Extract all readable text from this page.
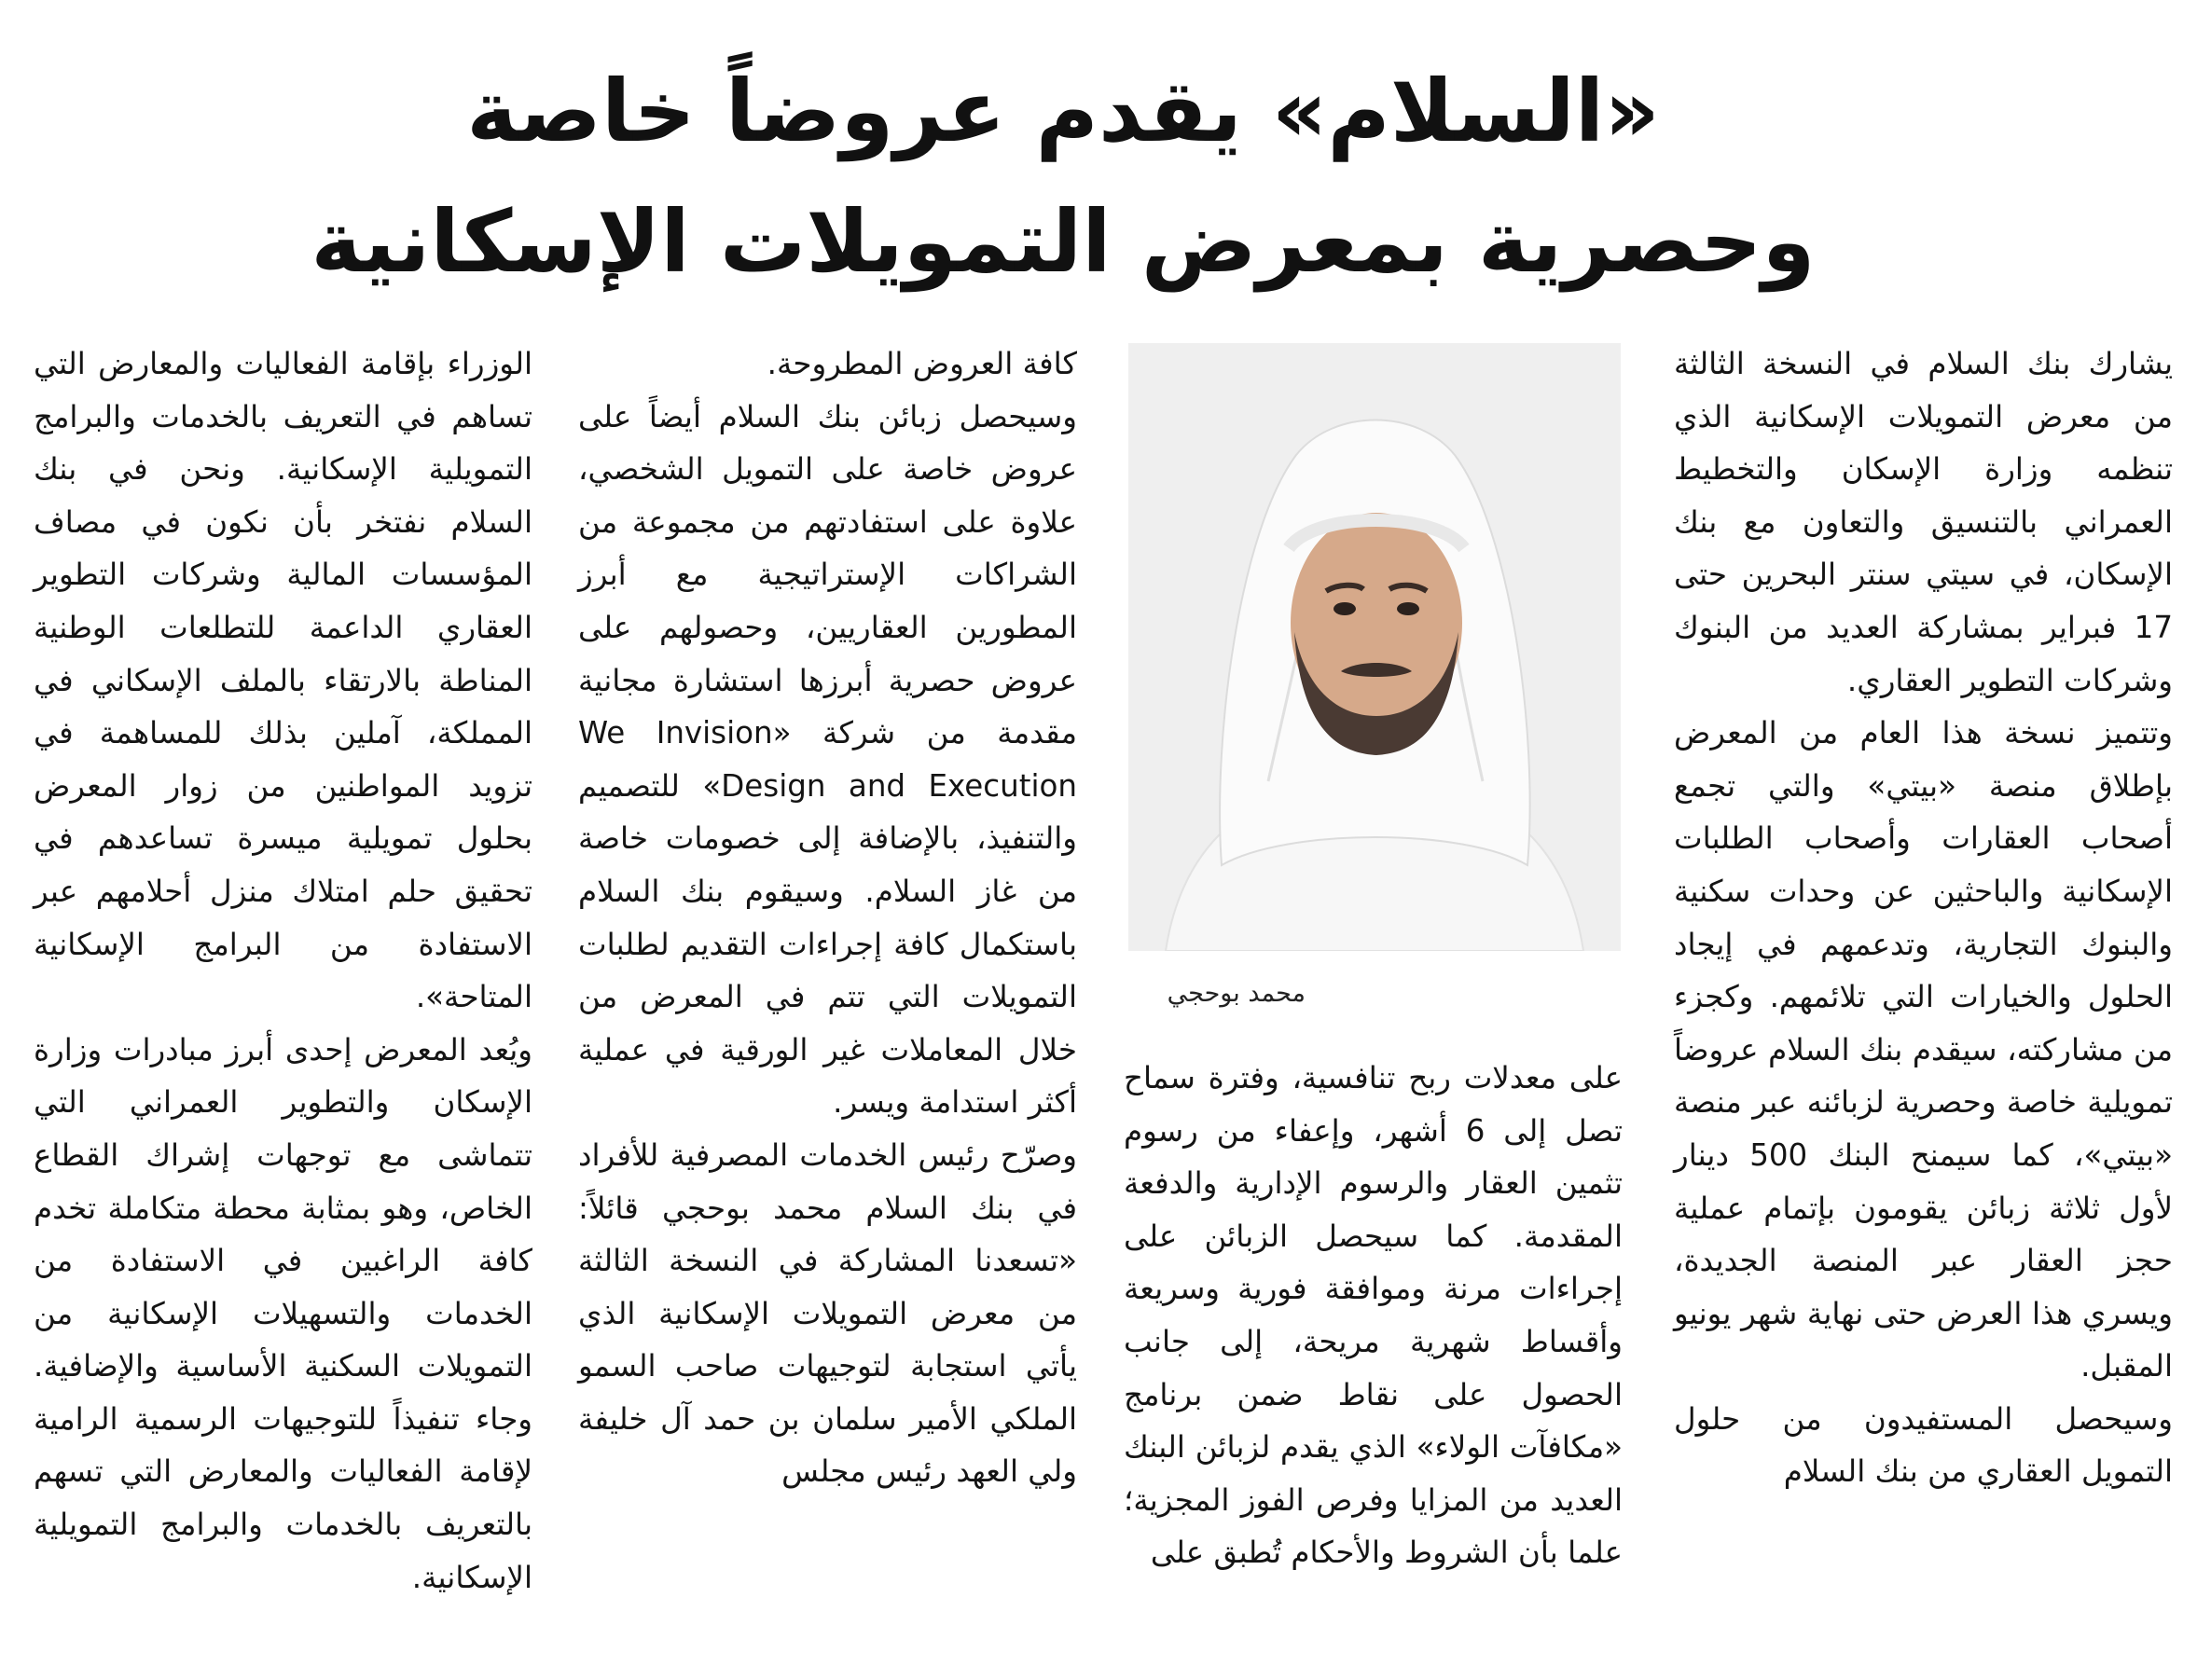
«السلام» يقدم عروضاً خاصة
وحصرية بمعرض التمويلات الإسكانية

يشارك بنك السلام في النسخة الثالثة من معرض التمويلات الإسكانية الذي تنظمه وزارة الإسكان والتخطيط العمراني بالتنسيق والتعاون مع بنك الإسكان، في سيتي سنتر البحرين حتى 17 فبراير بمشاركة العديد من البنوك وشركات التطوير العقاري.

وتتميز نسخة هذا العام من المعرض بإطلاق منصة «بيتي» والتي تجمع أصحاب العقارات وأصحاب الطلبات الإسكانية والباحثين عن وحدات سكنية والبنوك التجارية، وتدعمهم في إيجاد الحلول والخيارات التي تلائمهم. وكجزء من مشاركته، سيقدم بنك السلام عروضاً تمويلية خاصة وحصرية لزبائنه عبر منصة «بيتي»، كما سيمنح البنك 500 دينار لأول ثلاثة زبائن يقومون بإتمام عملية حجز العقار عبر المنصة الجديدة، ويسري هذا العرض حتى نهاية شهر يونيو المقبل.

وسيحصل المستفيدون من حلول التمويل العقاري من بنك السلام

محمد بوحجي

على معدلات ربح تنافسية، وفترة سماح تصل إلى 6 أشهر، وإعفاء من رسوم تثمين العقار والرسوم الإدارية والدفعة المقدمة. كما سيحصل الزبائن على إجراءات مرنة وموافقة فورية وسريعة وأقساط شهرية مريحة، إلى جانب الحصول على نقاط ضمن برنامج «مكافآت الولاء» الذي يقدم لزبائن البنك العديد من المزايا وفرص الفوز المجزية؛ علما بأن الشروط والأحكام تُطبق على

كافة العروض المطروحة.

وسيحصل زبائن بنك السلام أيضاً على عروض خاصة على التمويل الشخصي، علاوة على استفادتهم من مجموعة من الشراكات الإستراتيجية مع أبرز المطورين العقاريين، وحصولهم على عروض حصرية أبرزها استشارة مجانية مقدمة من شركة «We Invision Design and Execution» للتصميم والتنفيذ، بالإضافة إلى خصومات خاصة من غاز السلام. وسيقوم بنك السلام باستكمال كافة إجراءات التقديم لطلبات التمويلات التي تتم في المعرض من خلال المعاملات غير الورقية في عملية أكثر استدامة ويسر.

وصرّح رئيس الخدمات المصرفية للأفراد في بنك السلام محمد بوحجي قائلاً: «تسعدنا المشاركة في النسخة الثالثة من معرض التمويلات الإسكانية الذي يأتي استجابة لتوجيهات صاحب السمو الملكي الأمير سلمان بن حمد آل خليفة ولي العهد رئيس مجلس

الوزراء بإقامة الفعاليات والمعارض التي تساهم في التعريف بالخدمات والبرامج التمويلية الإسكانية. ونحن في بنك السلام نفتخر بأن نكون في مصاف المؤسسات المالية وشركات التطوير العقاري الداعمة للتطلعات الوطنية المناطة بالارتقاء بالملف الإسكاني في المملكة، آملين بذلك للمساهمة في تزويد المواطنين من زوار المعرض بحلول تمويلية ميسرة تساعدهم في تحقيق حلم امتلاك منزل أحلامهم عبر الاستفادة من البرامج الإسكانية المتاحة».

ويُعد المعرض إحدى أبرز مبادرات وزارة الإسكان والتطوير العمراني التي تتماشى مع توجهات إشراك القطاع الخاص، وهو بمثابة محطة متكاملة تخدم كافة الراغبين في الاستفادة من الخدمات والتسهيلات الإسكانية من التمويلات السكنية الأساسية والإضافية. وجاء تنفيذاً للتوجيهات الرسمية الرامية لإقامة الفعاليات والمعارض التي تسهم بالتعريف بالخدمات والبرامج التمويلية الإسكانية.
